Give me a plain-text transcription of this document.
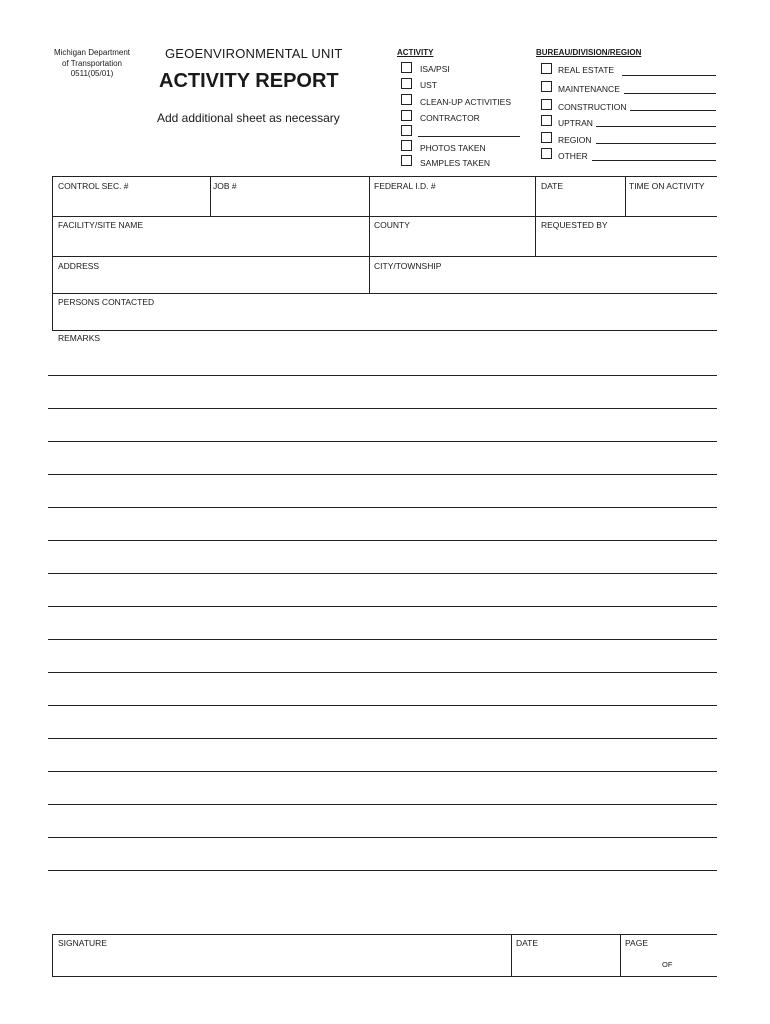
Michigan Department
of Transportation
0511(05/01)
GEOENVIRONMENTAL UNIT
ACTIVITY REPORT
Add additional sheet as necessary
ACTIVITY
ISA/PSI
UST
CLEAN-UP ACTIVITIES
CONTRACTOR
PHOTOS TAKEN
SAMPLES TAKEN
BUREAU/DIVISION/REGION
REAL ESTATE
MAINTENANCE
CONSTRUCTION
UPTRAN
REGION
OTHER
CONTROL SEC. #	JOB #	FEDERAL I.D. #	DATE	TIME ON ACTIVITY
FACILITY/SITE NAME	COUNTY	REQUESTED BY
ADDRESS	CITY/TOWNSHIP
PERSONS CONTACTED
REMARKS
SIGNATURE	DATE	PAGE
OF
